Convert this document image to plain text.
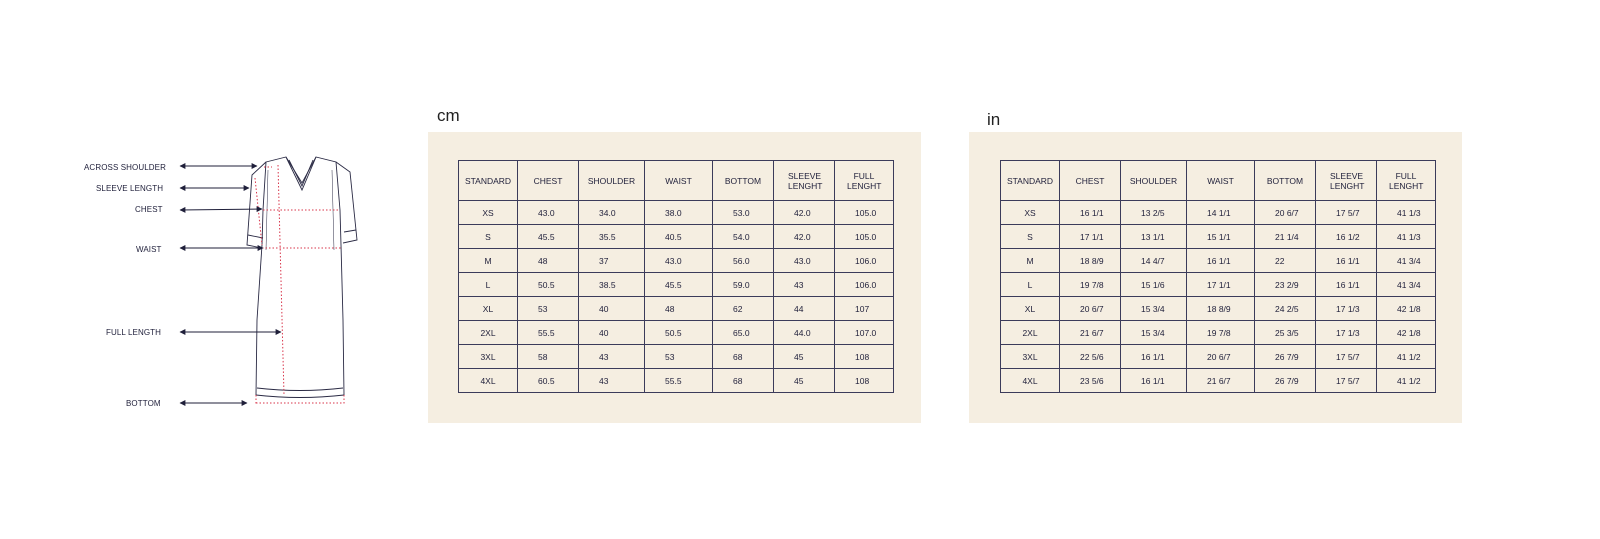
ACROSS SHOULDER
SLEEVE LENGTH
CHEST
WAIST
FULL LENGTH
BOTTOM
cm
STANDARD	CHEST	SHOULDER	WAIST	BOTTOM	SLEEVE LENGHT	FULL LENGHT
XS	43.0	34.0	38.0	53.0	42.0	105.0
S	45.5	35.5	40.5	54.0	42.0	105.0
M	48	37	43.0	56.0	43.0	106.0
L	50.5	38.5	45.5	59.0	43	106.0
XL	53	40	48	62	44	107
2XL	55.5	40	50.5	65.0	44.0	107.0
3XL	58	43	53	68	45	108
4XL	60.5	43	55.5	68	45	108
in
STANDARD	CHEST	SHOULDER	WAIST	BOTTOM	SLEEVE LENGHT	FULL LENGHT
XS	16 1/1	13 2/5	14 1/1	20 6/7	17 5/7	41 1/3
S	17 1/1	13 1/1	15 1/1	21 1/4	16 1/2	41 1/3
M	18 8/9	14 4/7	16 1/1	22	16 1/1	41 3/4
L	19 7/8	15 1/6	17 1/1	23 2/9	16 1/1	41 3/4
XL	20 6/7	15 3/4	18 8/9	24 2/5	17 1/3	42 1/8
2XL	21 6/7	15 3/4	19 7/8	25 3/5	17 1/3	42 1/8
3XL	22 5/6	16 1/1	20 6/7	26 7/9	17 5/7	41 1/2
4XL	23 5/6	16 1/1	21 6/7	26 7/9	17 5/7	41 1/2
